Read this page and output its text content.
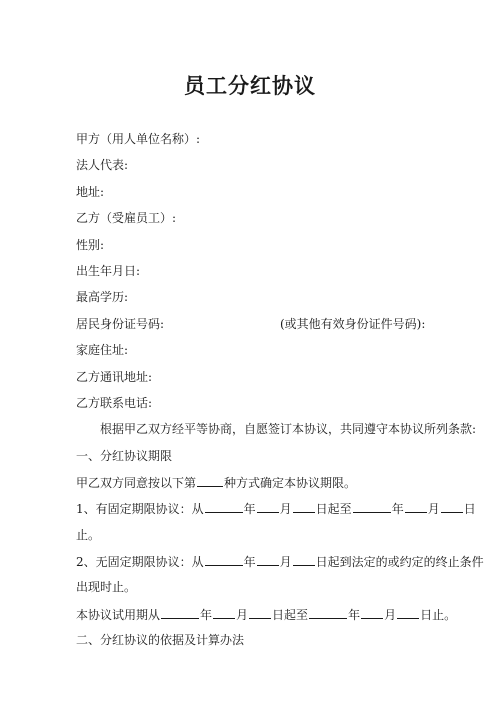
员工分红协议
甲方（用人单位名称）:
法人代表:
地址:
乙方（受雇员工）:
性别:
出生年月日:
最高学历:
居民身份证号码:	(或其他有效身份证件号码):
家庭住址:
乙方通讯地址:
乙方联系电话:
根据甲乙双方经平等协商，自愿签订本协议，共同遵守本协议所列条款:
一、分红协议期限
甲乙双方同意按以下第 种方式确定本协议期限。
1、有固定期限协议：从	年 月 日起至	年 月 日
止。
2、无固定期限协议：从	年 月 日起到法定的或约定的终止条件
出现时止。
本协议试用期从	年 月 日起至	年 月 日止。
二、分红协议的依据及计算办法
